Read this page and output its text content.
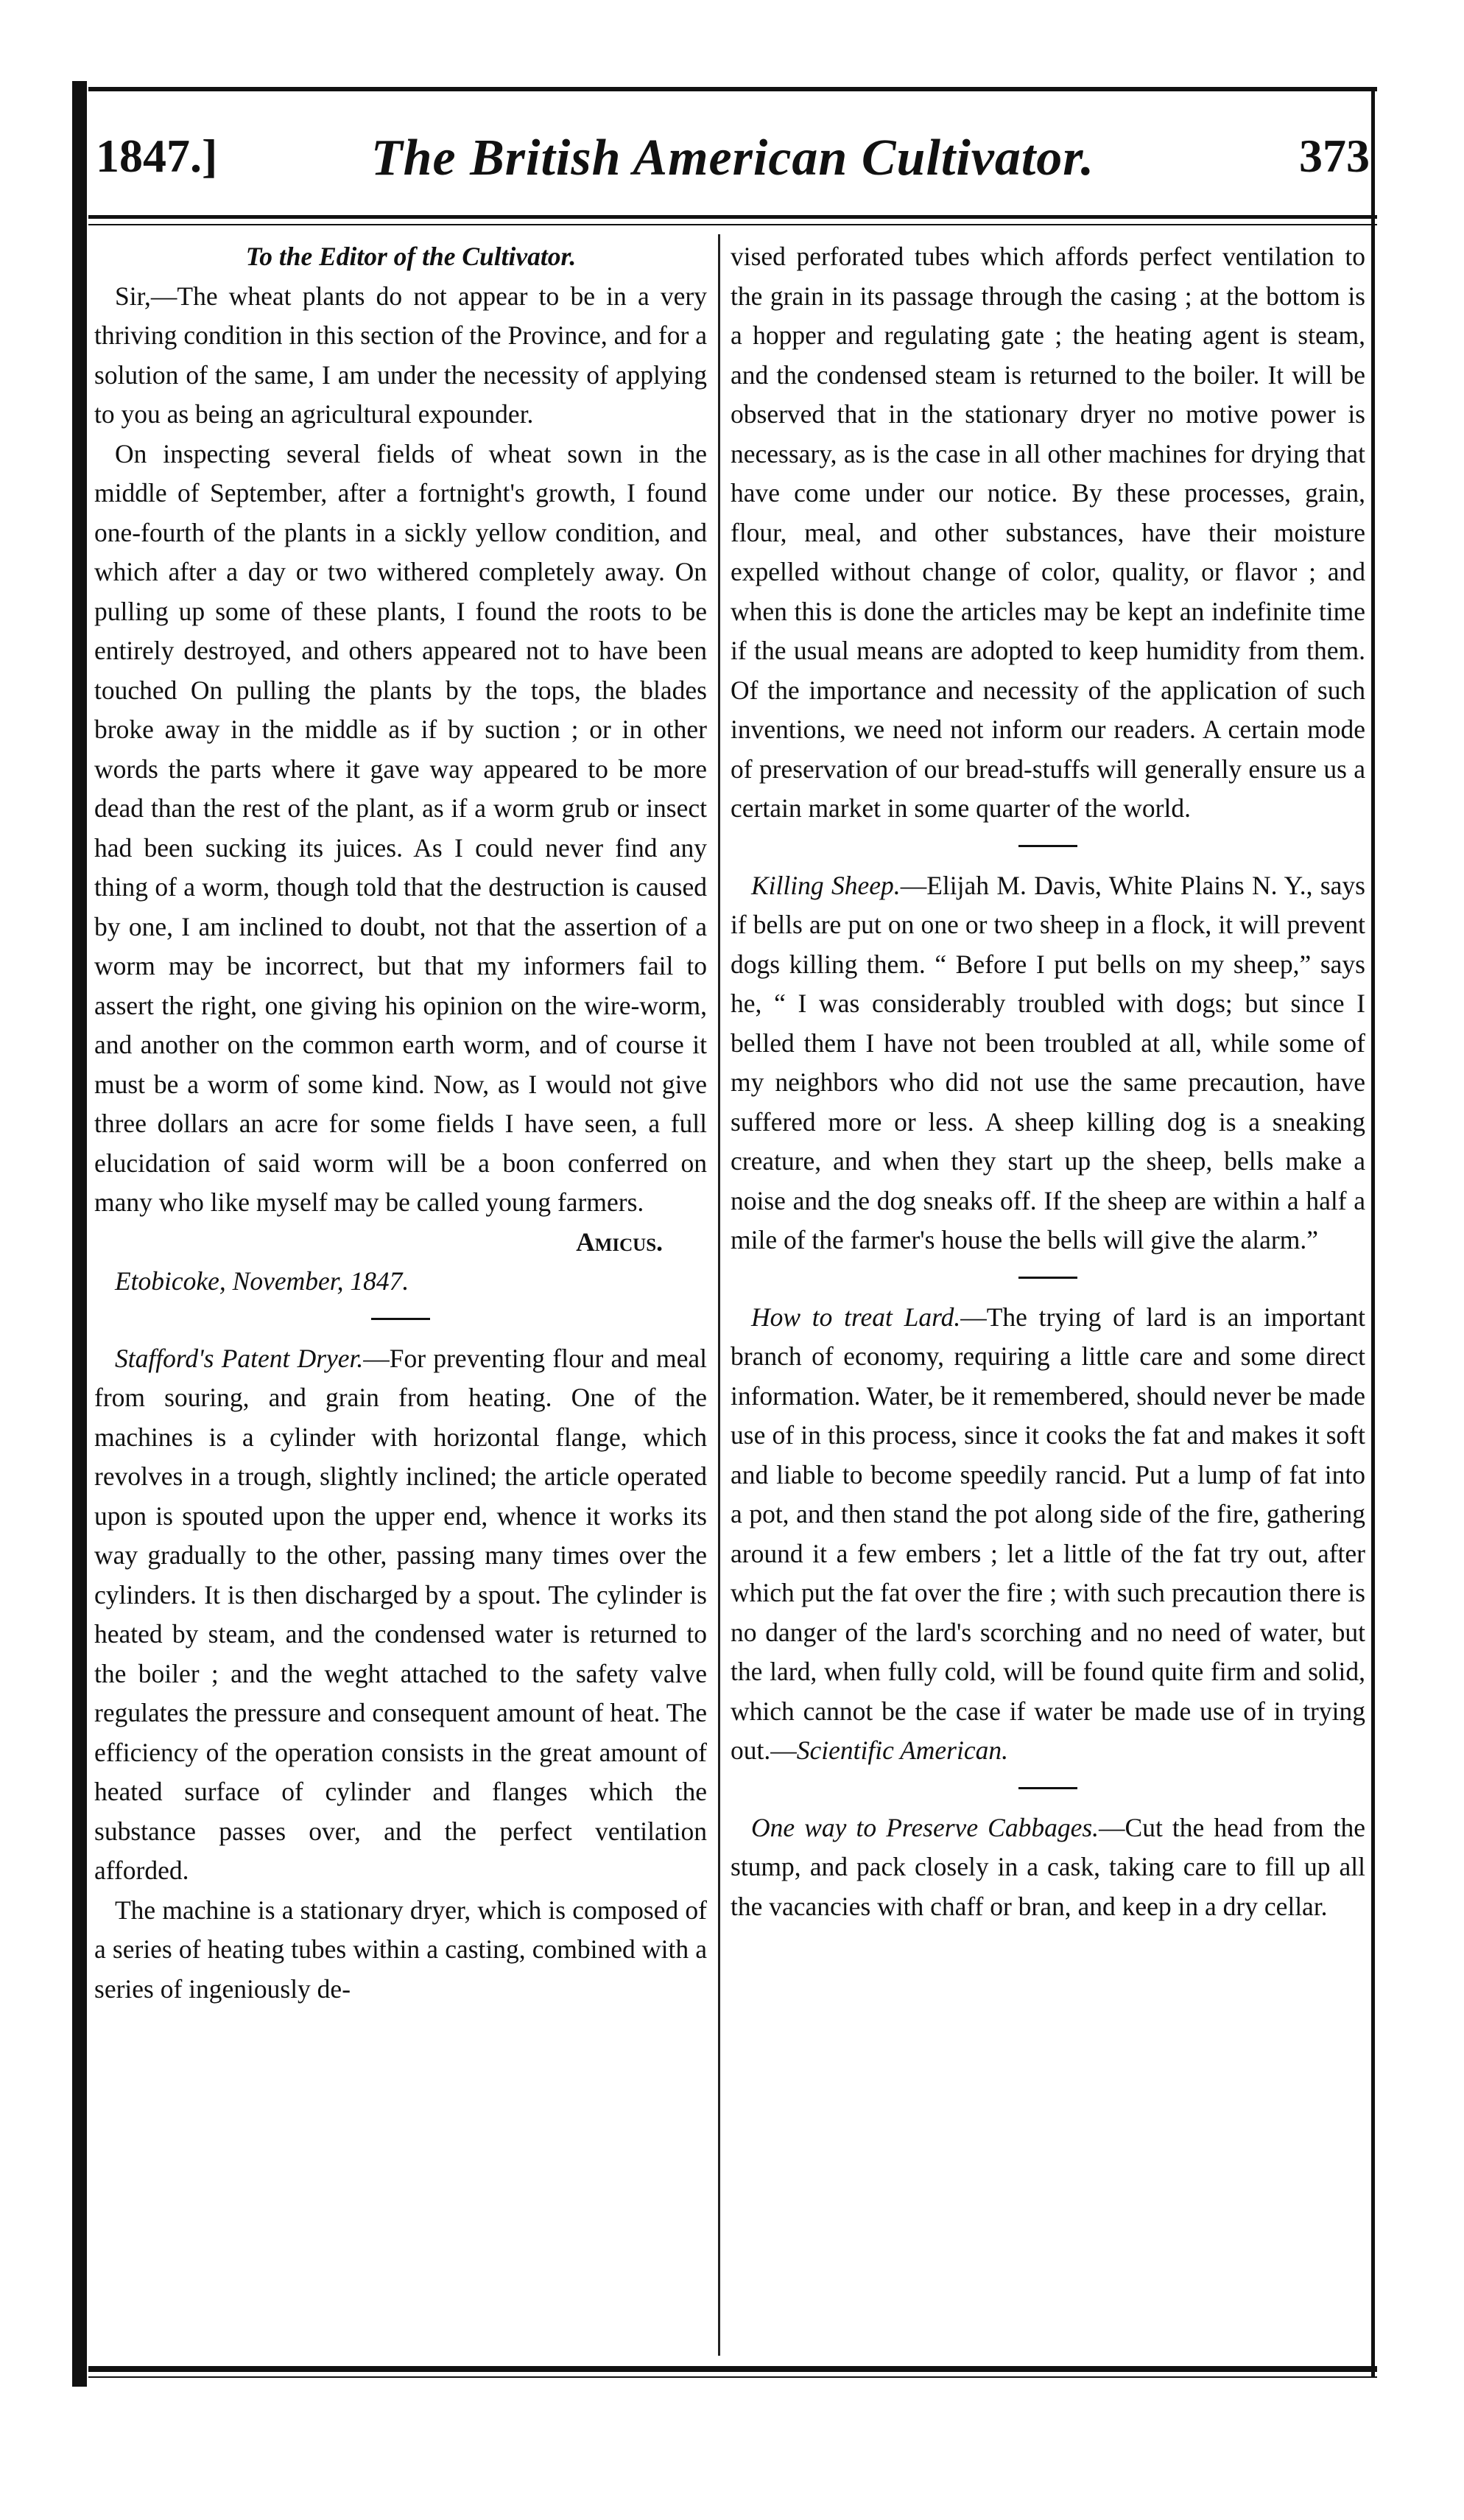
1847.]	The British American Cultivator.	373

To the Editor of the Cultivator.

Sir,—The wheat plants do not appear to be in a very thriving condition in this section of the Province, and for a solution of the same, I am under the necessity of applying to you as being an agricultural expounder.

On inspecting several fields of wheat sown in the middle of September, after a fortnight's growth, I found one-fourth of the plants in a sickly yellow condition, and which after a day or two withered completely away. On pulling up some of these plants, I found the roots to be entirely destroyed, and others appeared not to have been touched On pulling the plants by the tops, the blades broke away in the middle as if by suction ; or in other words the parts where it gave way appeared to be more dead than the rest of the plant, as if a worm grub or insect had been sucking its juices. As I could never find any thing of a worm, though told that the destruction is caused by one, I am inclined to doubt, not that the assertion of a worm may be incorrect, but that my informers fail to assert the right, one giving his opinion on the wire-worm, and another on the common earth worm, and of course it must be a worm of some kind. Now, as I would not give three dollars an acre for some fields I have seen, a full elucidation of said worm will be a boon conferred on many who like myself may be called young farmers.

Amicus.

Etobicoke, November, 1847.

Stafford's Patent Dryer.—For preventing flour and meal from souring, and grain from heating. One of the machines is a cylinder with horizontal flange, which revolves in a trough, slightly inclined; the article operated upon is spouted upon the upper end, whence it works its way gradually to the other, passing many times over the cylinders. It is then discharged by a spout. The cylinder is heated by steam, and the condensed water is returned to the boiler ; and the weght attached to the safety valve regulates the pressure and consequent amount of heat. The efficiency of the operation consists in the great amount of heated surface of cylinder and flanges which the substance passes over, and the perfect ventilation afforded.

The machine is a stationary dryer, which is composed of a series of heating tubes within a casting, combined with a series of ingeniously de-

vised perforated tubes which affords perfect ventilation to the grain in its passage through the casing ; at the bottom is a hopper and regulating gate ; the heating agent is steam, and the condensed steam is returned to the boiler. It will be observed that in the stationary dryer no motive power is necessary, as is the case in all other machines for drying that have come under our notice. By these processes, grain, flour, meal, and other substances, have their moisture expelled without change of color, quality, or flavor ; and when this is done the articles may be kept an indefinite time if the usual means are adopted to keep humidity from them. Of the importance and necessity of the application of such inventions, we need not inform our readers. A certain mode of preservation of our bread-stuffs will generally ensure us a certain market in some quarter of the world.

Killing Sheep.—Elijah M. Davis, White Plains N. Y., says if bells are put on one or two sheep in a flock, it will prevent dogs killing them. “ Before I put bells on my sheep,” says he, “ I was considerably troubled with dogs; but since I belled them I have not been troubled at all, while some of my neighbors who did not use the same precaution, have suffered more or less. A sheep killing dog is a sneaking creature, and when they start up the sheep, bells make a noise and the dog sneaks off. If the sheep are within a half a mile of the farmer's house the bells will give the alarm.”

How to treat Lard.—The trying of lard is an important branch of economy, requiring a little care and some direct information. Water, be it remembered, should never be made use of in this process, since it cooks the fat and makes it soft and liable to become speedily rancid. Put a lump of fat into a pot, and then stand the pot along side of the fire, gathering around it a few embers ; let a little of the fat try out, after which put the fat over the fire ; with such precaution there is no danger of the lard's scorching and no need of water, but the lard, when fully cold, will be found quite firm and solid, which cannot be the case if water be made use of in trying out.—Scientific American.

One way to Preserve Cabbages.—Cut the head from the stump, and pack closely in a cask, taking care to fill up all the vacancies with chaff or bran, and keep in a dry cellar.
